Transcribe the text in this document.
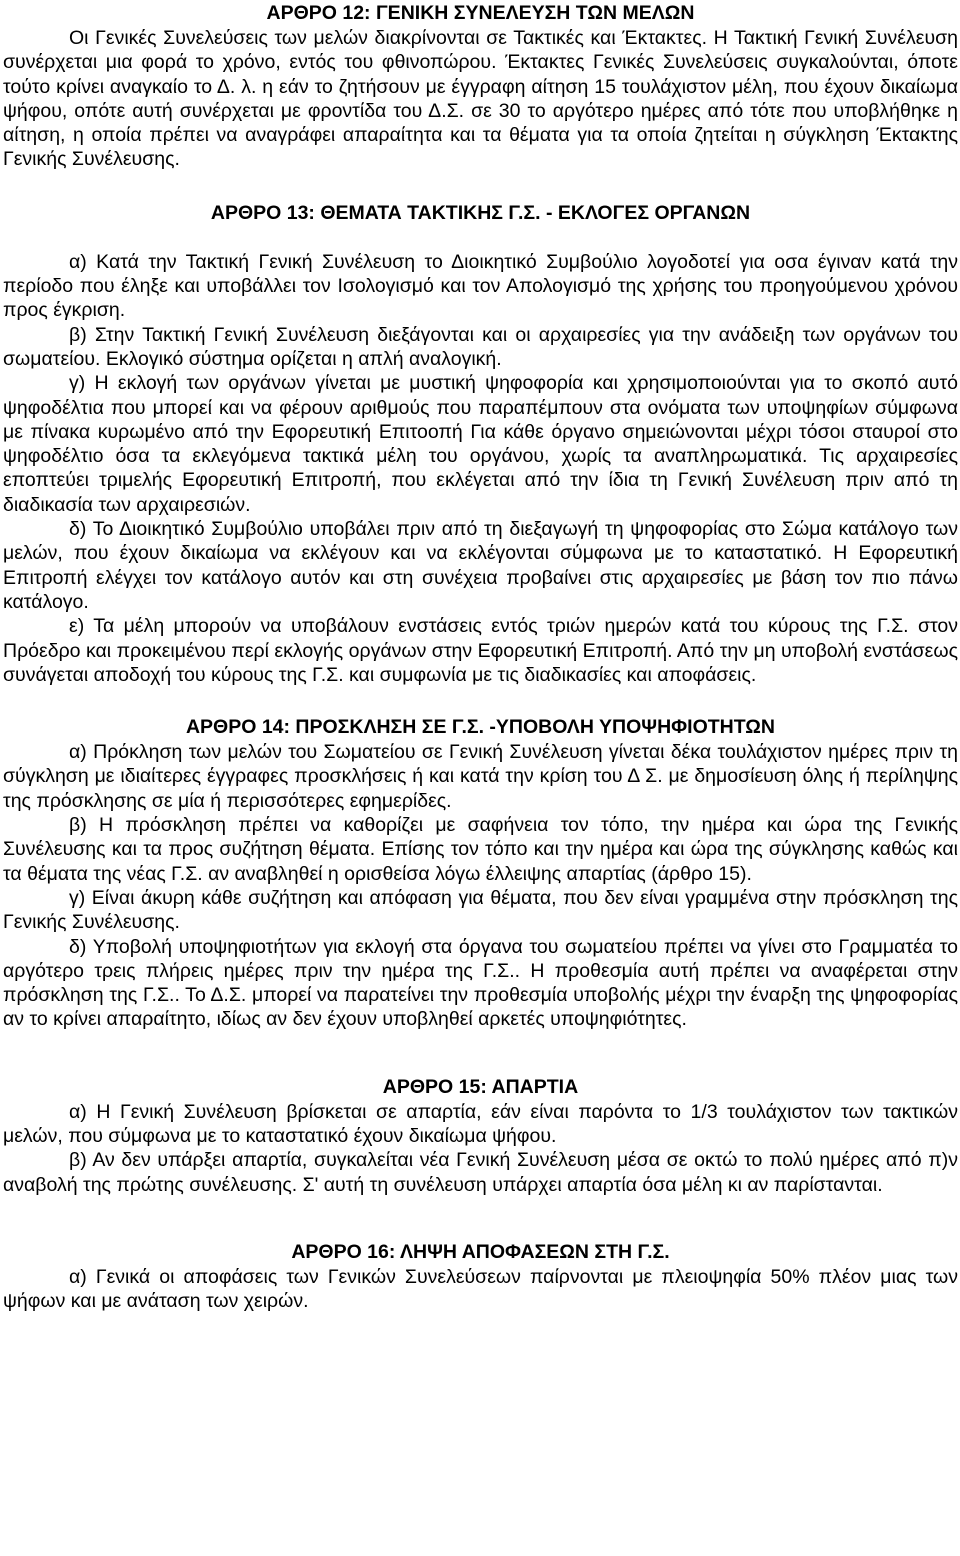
ΑΡΘΡΟ 12: ΓΕΝΙΚΗ ΣΥΝΕΛΕΥΣΗ ΤΩΝ ΜΕΛΩΝ

Οι Γενικές Συνελεύσεις των μελών διακρίνονται σε Τακτικές και Έκτακτες. Η Τακτική Γενική Συνέλευση συνέρχεται μια φορά το χρόνο, εντός του φθινοπώρου. Έκτακτες Γενικές Συνελεύσεις συγκαλούνται, όποτε τούτο κρίνει αναγκαίο το Δ. λ. η εάν το ζητήσουν με έγγραφη αίτηση 15 τουλάχιστον μέλη, που έχουν δικαίωμα ψήφου, οπότε αυτή συνέρχεται με φροντίδα του Δ.Σ. σε 30 το αργότερο ημέρες από τότε που υποβλήθηκε η αίτηση, η οποία πρέπει να αναγράφει απαραίτητα και τα θέματα για τα οποία ζητείται η σύγκληση Έκτακτης Γενικής Συνέλευσης.

ΑΡΘΡΟ 13: ΘΕΜΑΤΑ ΤΑΚΤΙΚΗΣ Γ.Σ. - ΕΚΛΟΓΕΣ ΟΡΓΑΝΩΝ

α) Κατά την Τακτική Γενική Συνέλευση το Διοικητικό Συμβούλιο λογοδοτεί για οσα έγιναν κατά την περίοδο που έληξε και υποβάλλει τον Ισολογισμό και τον Απολογισμό της χρήσης του προηγούμενου χρόνου προς έγκριση.

β) Στην Τακτική Γενική Συνέλευση διεξάγονται και οι αρχαιρεσίες για την ανάδειξη των οργάνων του σωματείου. Εκλογικό σύστημα ορίζεται η απλή αναλογική.

γ) Η εκλογή των οργάνων γίνεται με μυστική ψηφοφορία και χρησιμοποιούνται για το σκοπό αυτό ψηφοδέλτια που μπορεί και να φέρουν αριθμούς που παραπέμπουν στα ονόματα των υποψηφίων σύμφωνα με πίνακα κυρωμένο από την Εφορευτική Επιτοοπή Για κάθε όργανο σημειώνονται μέχρι τόσοι σταυροί στο ψηφοδέλτιο όσα τα εκλεγόμενα τακτικά μέλη του οργάνου, χωρίς τα αναπληρωματικά. Τις αρχαιρεσίες εποπτεύει τριμελής Εφορευτική Επιτροπή, που εκλέγεται από την ίδια τη Γενική Συνέλευση πριν από τη διαδικασία των αρχαιρεσιών.

δ) Το Διοικητικό Συμβούλιο υποβάλει πριν από τη διεξαγωγή τη ψηφοφορίας στο Σώμα κατάλογο των μελών, που έχουν δικαίωμα να εκλέγουν και να εκλέγονται σύμφωνα με το καταστατικό. Η Εφορευτική Επιτροπή ελέγχει τον κατάλογο αυτόν και στη συνέχεια προβαίνει στις αρχαιρεσίες με βάση τον πιο πάνω κατάλογο.

ε) Τα μέλη μπορούν να υποβάλουν ενστάσεις εντός τριών ημερών κατά του κύρους της Γ.Σ. στον Πρόεδρο και προκειμένου περί εκλογής οργάνων στην Εφορευτική Επιτροπή. Από την μη υποβολή ενστάσεως συνάγεται αποδοχή του κύρους της Γ.Σ. και συμφωνία με τις διαδικασίες και αποφάσεις.

ΑΡΘΡΟ 14: ΠΡΟΣΚΛΗΣΗ ΣΕ Γ.Σ. -ΥΠΟΒΟΛΗ ΥΠΟΨΗΦΙΟΤΗΤΩΝ

α) Πρόκληση των μελών του Σωματείου σε Γενική Συνέλευση γίνεται δέκα τουλάχιστον ημέρες πριν τη σύγκληση με ιδιαίτερες έγγραφες προσκλήσεις ή και κατά την κρίση του Δ Σ. με δημοσίευση όλης ή περίληψης της πρόσκλησης σε μία ή περισσότερες εφημερίδες.

β) Η πρόσκληση πρέπει να καθορίζει με σαφήνεια τον τόπο, την ημέρα και ώρα της Γενικής Συνέλευσης και τα προς συζήτηση θέματα. Επίσης τον τόπο και την ημέρα και ώρα της σύγκλησης καθώς και τα θέματα της νέας Γ.Σ. αν αναβληθεί η ορισθείσα λόγω έλλειψης απαρτίας (άρθρο 15).

γ) Είναι άκυρη κάθε συζήτηση και απόφαση για θέματα, που δεν είναι γραμμένα στην πρόσκληση της Γενικής Συνέλευσης.

δ) Υποβολή υποψηφιοτήτων για εκλογή στα όργανα του σωματείου πρέπει να γίνει στο Γραμματέα το αργότερο τρεις πλήρεις ημέρες πριν την ημέρα της Γ.Σ.. Η προθεσμία αυτή πρέπει να αναφέρεται στην πρόσκληση της Γ.Σ.. Το Δ.Σ. μπορεί να παρατείνει την προθεσμία υποβολής μέχρι την έναρξη της ψηφοφορίας αν το κρίνει απαραίτητο, ιδίως αν δεν έχουν υποβληθεί αρκετές υποψηφιότητες.

ΑΡΘΡΟ 15: ΑΠΑΡΤΙΑ

α) Η Γενική Συνέλευση βρίσκεται σε απαρτία, εάν είναι παρόντα το 1/3 τουλάχιστον των τακτικών μελών, που σύμφωνα με το καταστατικό έχουν δικαίωμα ψήφου.

β) Αν δεν υπάρξει απαρτία, συγκαλείται νέα Γενική Συνέλευση μέσα σε οκτώ το πολύ ημέρες από π)ν αναβολή της πρώτης συνέλευσης. Σ' αυτή τη συνέλευση υπάρχει απαρτία όσα μέλη κι αν παρίστανται.

ΑΡΘΡΟ 16: ΛΗΨΗ ΑΠΟΦΑΣΕΩΝ ΣΤΗ Γ.Σ.

α) Γενικά οι αποφάσεις των Γενικών Συνελεύσεων παίρνονται με πλειοψηφία 50% πλέον μιας των ψήφων και με ανάταση των χειρών.
